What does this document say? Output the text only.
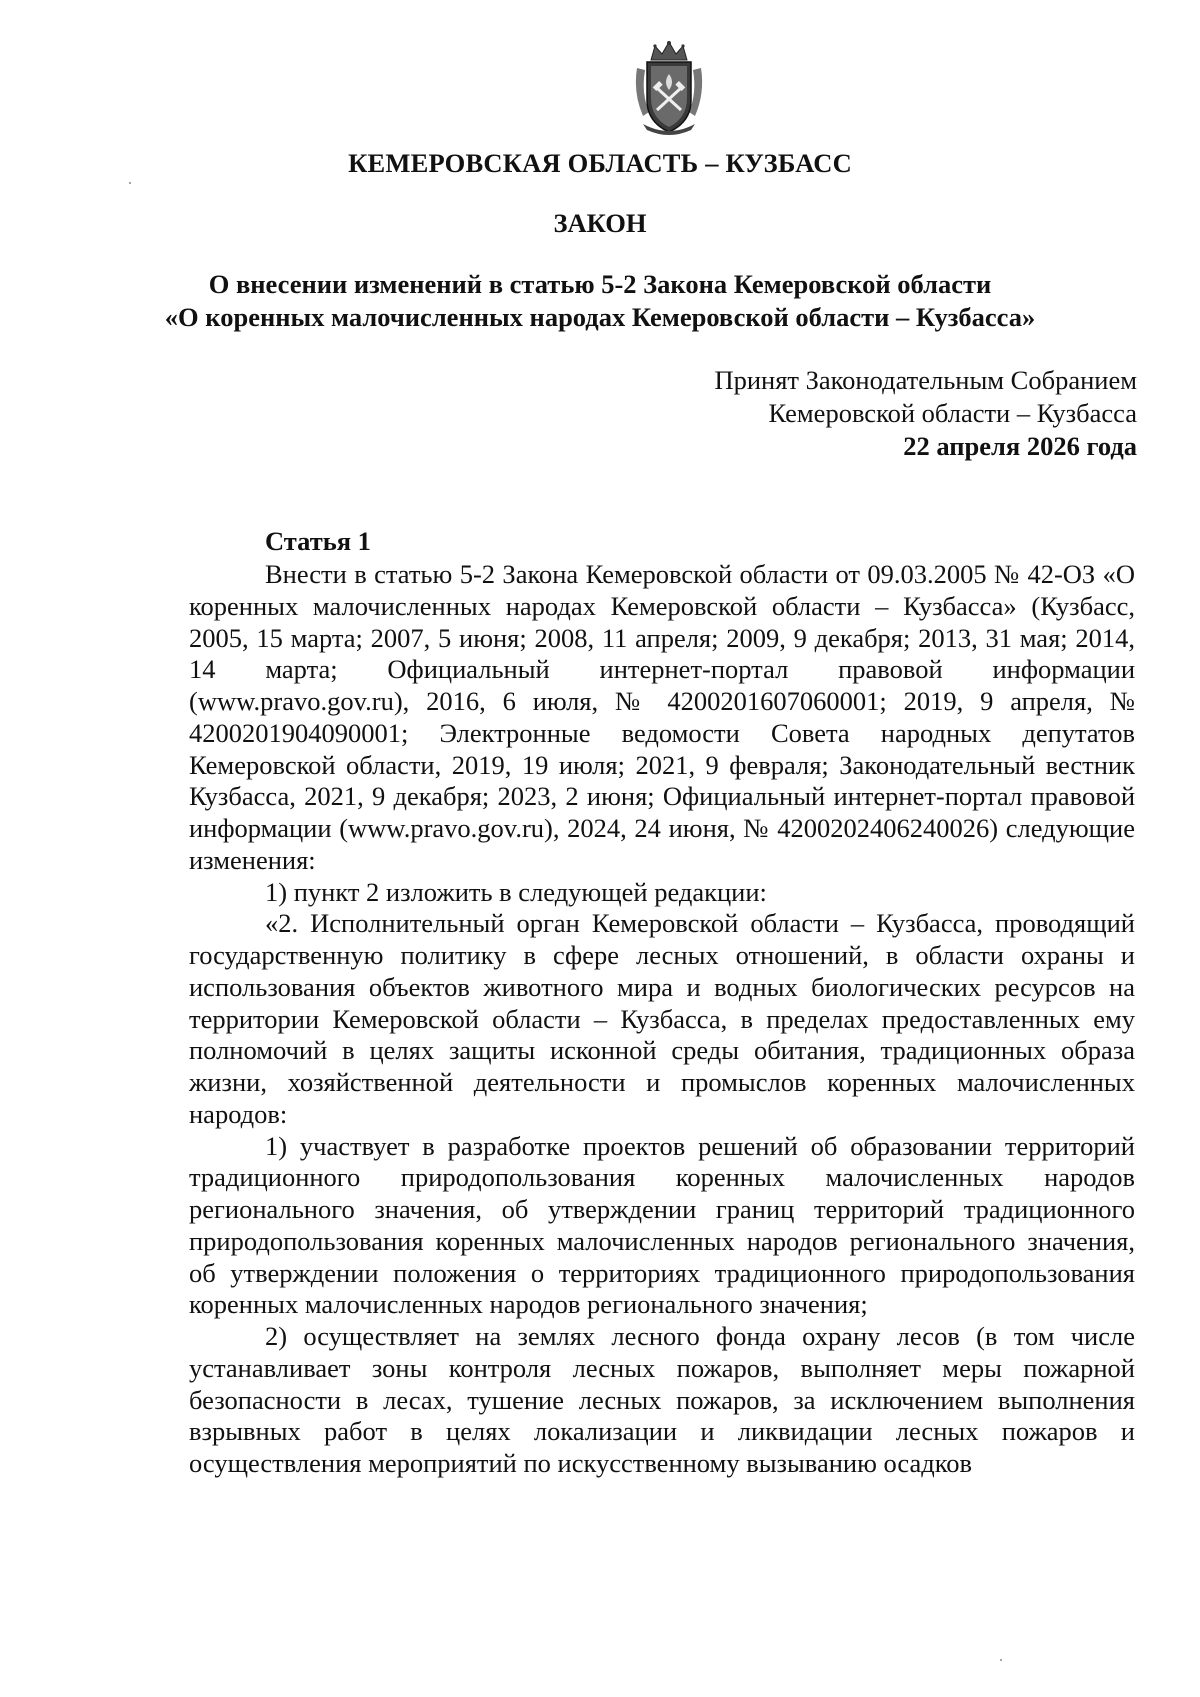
КЕМЕРОВСКАЯ ОБЛАСТЬ – КУЗБАСС
ЗАКОН
О внесении изменений в статью 5-2 Закона Кемеровской области
«О коренных малочисленных народах Кемеровской области – Кузбасса»
Принят Законодательным Собранием
Кемеровской области – Кузбасса
22 апреля 2026 года
Статья 1

Внести в статью 5-2 Закона Кемеровской области от 09.03.2005 № 42-ОЗ «О коренных малочисленных народах Кемеровской области – Кузбасса» (Кузбасс, 2005, 15 марта; 2007, 5 июня; 2008, 11 апреля; 2009, 9 декабря; 2013, 31 мая; 2014, 14 марта; Официальный интернет-портал правовой информации (www.pravo.gov.ru), 2016, 6 июля, № 4200201607060001; 2019, 9 апреля, № 4200201904090001; Электронные ведомости Совета народных депутатов Кемеровской области, 2019, 19 июля; 2021, 9 февраля; Законодательный вестник Кузбасса, 2021, 9 декабря; 2023, 2 июня; Официальный интернет-портал правовой информации (www.pravo.gov.ru), 2024, 24 июня, № 4200202406240026) следующие изменения:

1) пункт 2 изложить в следующей редакции:

«2. Исполнительный орган Кемеровской области – Кузбасса, проводящий государственную политику в сфере лесных отношений, в области охраны и использования объектов животного мира и водных биологических ресурсов на территории Кемеровской области – Кузбасса, в пределах предоставленных ему полномочий в целях защиты исконной среды обитания, традиционных образа жизни, хозяйственной деятельности и промыслов коренных малочисленных народов:

1) участвует в разработке проектов решений об образовании территорий традиционного природопользования коренных малочисленных народов регионального значения, об утверждении границ территорий традиционного природопользования коренных малочисленных народов регионального значения, об утверждении положения о территориях традиционного природопользования коренных малочисленных народов регионального значения;

2) осуществляет на землях лесного фонда охрану лесов (в том числе устанавливает зоны контроля лесных пожаров, выполняет меры пожарной безопасности в лесах, тушение лесных пожаров, за исключением выполнения взрывных работ в целях локализации и ликвидации лесных пожаров и осуществления мероприятий по искусственному вызыванию осадков
